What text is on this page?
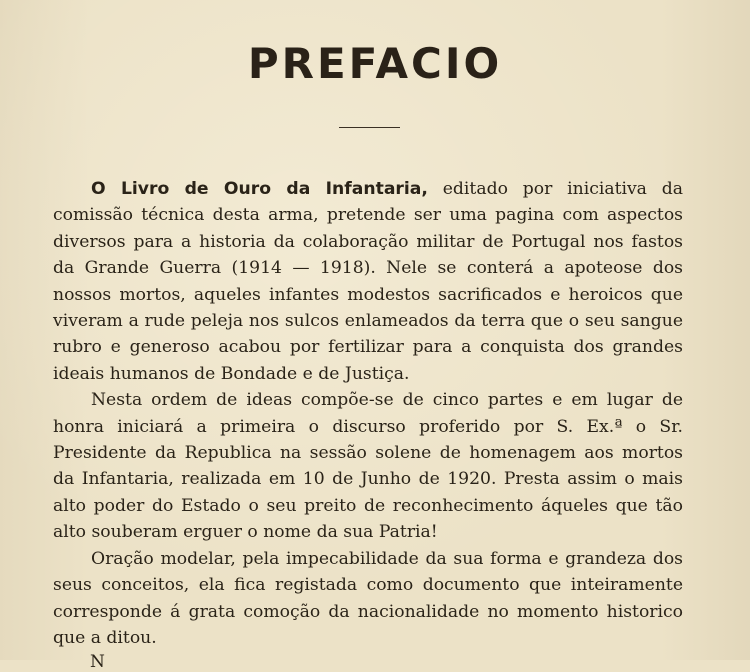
PREFACIO

O Livro de Ouro da Infantaria, editado por iniciativa da comissão técnica desta arma, pretende ser uma pagina com aspectos diversos para a historia da colaboração militar de Portugal nos fastos da Grande Guerra (1914 — 1918). Nele se conterá a apoteose dos nossos mortos, aqueles infantes modestos sacrificados e heroicos que viveram a rude peleja nos sulcos enlameados da terra que o seu sangue rubro e generoso acabou por fertilizar para a conquista dos grandes ideais humanos de Bondade e de Justiça.

Nesta ordem de ideas compõe-se de cinco partes e em lugar de honra iniciará a primeira o discurso proferido por S. Ex.ª o Sr. Presidente da Republica na sessão solene de homenagem aos mortos da Infantaria, realizada em 10 de Junho de 1920. Presta assim o mais alto poder do Estado o seu preito de reconhecimento áqueles que tão alto souberam erguer o nome da sua Patria!

Oração modelar, pela impecabilidade da sua forma e grandeza dos seus conceitos, ela fica registada como documento que inteiramente corresponde á grata comoção da nacionalidade no momento historico que a ditou.

N
